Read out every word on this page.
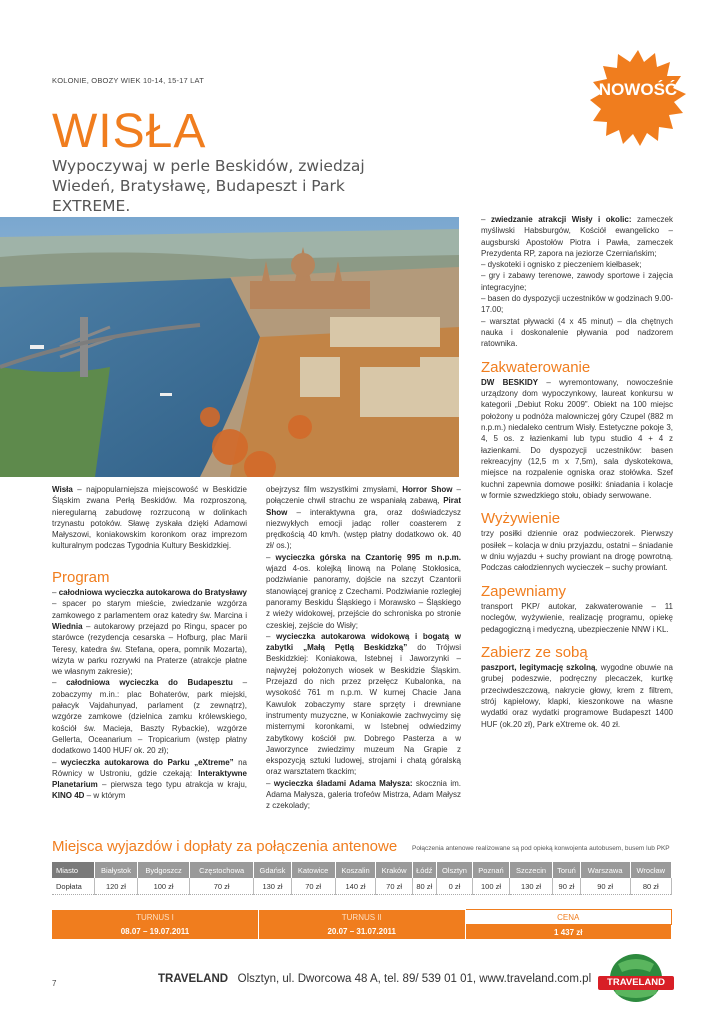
KOLONIE, OBOZY WIEK 10-14, 15-17 LAT	NOWOŚĆ
WISŁA
Wypoczywaj w perle Beskidów, zwiedzaj Wiedeń, Bratysławę, Budapeszt i Park EXTREME.

Wisła – najpopularniejsza miejscowość w Beskidzie Śląskim zwana Perłą Beskidów. Ma rozproszoną, nieregularną zabudowę rozrzuconą w dolinkach trzynastu potoków. Sławę zyskała dzięki Adamowi Małyszowi, koniakowskim koronkom oraz imprezom kulturalnym podczas Tygodnia Kultury Beskidzkiej.

Program

– całodniowa wycieczka autokarowa do Bratysławy – spacer po starym mieście, zwiedzanie wzgórza zamkowego z parlamentem oraz katedry św. Marcina i Wiednia – autokarowy przejazd po Ringu, spacer po starówce (rezydencja cesarska – Hofburg, plac Marii Teresy, katedra św. Stefana, opera, pomnik Mozarta), wizyta w parku rozrywki na Praterze (atrakcje płatne we własnym zakresie);

– całodniowa wycieczka do Budapesztu – zobaczymy m.in.: plac Bohaterów, park miejski, pałacyk Vajdahunyad, parlament (z zewnątrz), wzgórze zamkowe (dzielnica zamku królewskiego, kościół św. Macieja, Baszty Rybackie), wzgórze Gellerta, Oceanarium – Tropicarium (wstęp płatny dodatkowo 1400 HUF/ ok. 20 zł);

– wycieczka autokarowa do Parku „eXtreme” na Równicy w Ustroniu, gdzie czekają: Interaktywne Planetarium – pierwsza tego typu atrakcja w kraju, KINO 4D – w którym

obejrzysz film wszystkimi zmysłami, Horror Show – połączenie chwil strachu ze wspaniałą zabawą, Pirat Show – interaktywna gra, oraz doświadczysz niezwykłych emocji jadąc roller coasterem z prędkością 40 km/h. (wstęp płatny dodatkowo ok. 40 zł/ os.);

– wycieczka górska na Czantorię 995 m n.p.m. wjazd 4-os. kolejką linową na Polanę Stokłosica, podziwianie panoramy, dojście na szczyt Czantorii stanowiącej granicę z Czechami. Podziwianie rozległej panoramy Beskidu Śląskiego i Morawsko – Śląskiego z wieży widokowej, przejście do schroniska po stronie czeskiej, zejście do Wisły;

– wycieczka autokarowa widokową i bogatą w zabytki „Małą Pętlą Beskidzką” do Trójwsi Beskidzkiej: Koniakowa, Istebnej i Jaworzynki – najwyżej położonych wiosek w Beskidzie Śląskim. Przejazd do nich przez przełęcz Kubalonka, na wysokość 761 m n.p.m. W kurnej Chacie Jana Kawulok zobaczymy stare sprzęty i drewniane instrumenty muzyczne, w Koniakowie zachwycimy się misternymi koronkami, w Istebnej odwiedzimy zabytkowy kościół pw. Dobrego Pasterza a w Jaworzynce zwiedzimy muzeum Na Grapie z ekspozycją sztuki ludowej, strojami i chatą góralską oraz warsztatem tkackim;

– wycieczka śladami Adama Małysza: skocznia im. Adama Małysza, galeria trofeów Mistrza, Adam Małysz z czekolady;

– zwiedzanie atrakcji Wisły i okolic: zameczek myśliwski Habsburgów, Kościół ewangelicko – augsburski Apostołów Piotra i Pawła, zameczek Prezydenta RP, zapora na jeziorze Czerniańskim;

– dyskoteki i ognisko z pieczeniem kiełbasek;

– gry i zabawy terenowe, zawody sportowe i zajęcia integracyjne;

– basen do dyspozycji uczestników w godzinach 9.00-17.00;

– warsztat pływacki (4 x 45 minut) – dla chętnych nauka i doskonalenie pływania pod nadzorem ratownika.

Zakwaterowanie

DW BESKIDY – wyremontowany, nowocześnie urządzony dom wypoczynkowy, laureat konkursu w kategorii „Debiut Roku 2009”. Obiekt na 100 miejsc położony u podnóża malowniczej góry Czupel (882 m n.p.m.) niedaleko centrum Wisły. Estetyczne pokoje 3, 4, 5 os. z łazienkami lub typu studio 4 + 4 z łazienkami. Do dyspozycji uczestników: basen rekreacyjny (12,5 m x 7,5m), sala dyskotekowa, miejsce na rozpalenie ogniska oraz stołówka. Szef kuchni zapewnia domowe posiłki: śniadania i kolacje w formie szwedzkiego stołu, obiady serwowane.

Wyżywienie

trzy posiłki dziennie oraz podwieczorek. Pierwszy posiłek – kolacja w dniu przyjazdu, ostatni – śniadanie w dniu wyjazdu + suchy prowiant na drogę powrotną. Podczas całodziennych wycieczek – suchy prowiant.

Zapewniamy

transport PKP/ autokar, zakwaterowanie – 11 noclegów, wyżywienie, realizację programu, opiekę pedagogiczną i medyczną, ubezpieczenie NNW i KL.

Zabierz ze sobą

paszport, legitymację szkolną, wygodne obuwie na grubej podeszwie, podręczny plecaczek, kurtkę przeciwdeszczową, nakrycie głowy, krem z filtrem, strój kąpielowy, klapki, kieszonkowe na własne wydatki oraz wydatki programowe Budapeszt 1400 HUF (ok.20 zł), Park eXtreme ok. 40 zł.

Miejsca wyjazdów i dopłaty za połączenia antenowe Połączenia antenowe realizowane są pod opieką konwojenta autobusem, busem lub PKP
Miasto	Białystok	Bydgoszcz	Częstochowa	Gdańsk	Katowice	Koszalin	Kraków	Łódź	Olsztyn	Poznań	Szczecin	Toruń	Warszawa	Wrocław
Dopłata	120 zł	100 zł	70 zł	130 zł	70 zł	140 zł	70 zł	80 zł	0 zł	100 zł	130 zł	90 zł	90 zł	80 zł
TURNUS I	TURNUS II	CENA
08.07 – 19.07.2011	20.07 – 31.07.2011	1 437 zł
7	TRAVELAND Olsztyn, ul. Dworcowa 48 A, tel. 89/ 539 01 01, www.traveland.com.pl	TRAVELAND
